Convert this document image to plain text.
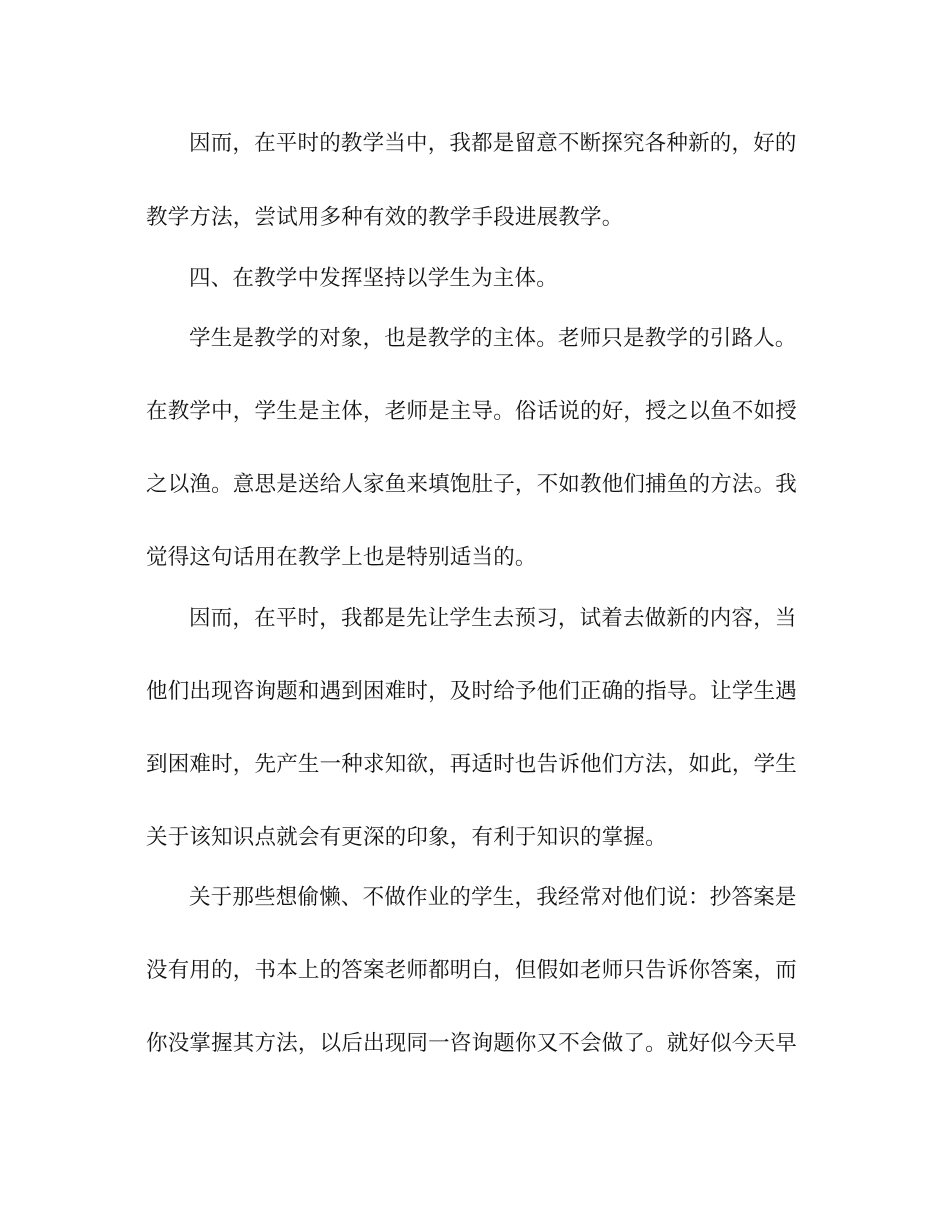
因而，在平时的教学当中，我都是留意不断探究各种新的，好的
教学方法，尝试用多种有效的教学手段进展教学。
四、在教学中发挥坚持以学生为主体。
学生是教学的对象，也是教学的主体。老师只是教学的引路人。
在教学中，学生是主体，老师是主导。俗话说的好，授之以鱼不如授
之以渔。意思是送给人家鱼来填饱肚子，不如教他们捕鱼的方法。我
觉得这句话用在教学上也是特别适当的。
因而，在平时，我都是先让学生去预习，试着去做新的内容，当
他们出现咨询题和遇到困难时，及时给予他们正确的指导。让学生遇
到困难时，先产生一种求知欲，再适时也告诉他们方法，如此，学生
关于该知识点就会有更深的印象，有利于知识的掌握。
关于那些想偷懒、不做作业的学生，我经常对他们说：抄答案是
没有用的，书本上的答案老师都明白，但假如老师只告诉你答案，而
你没掌握其方法，以后出现同一咨询题你又不会做了。就好似今天早
